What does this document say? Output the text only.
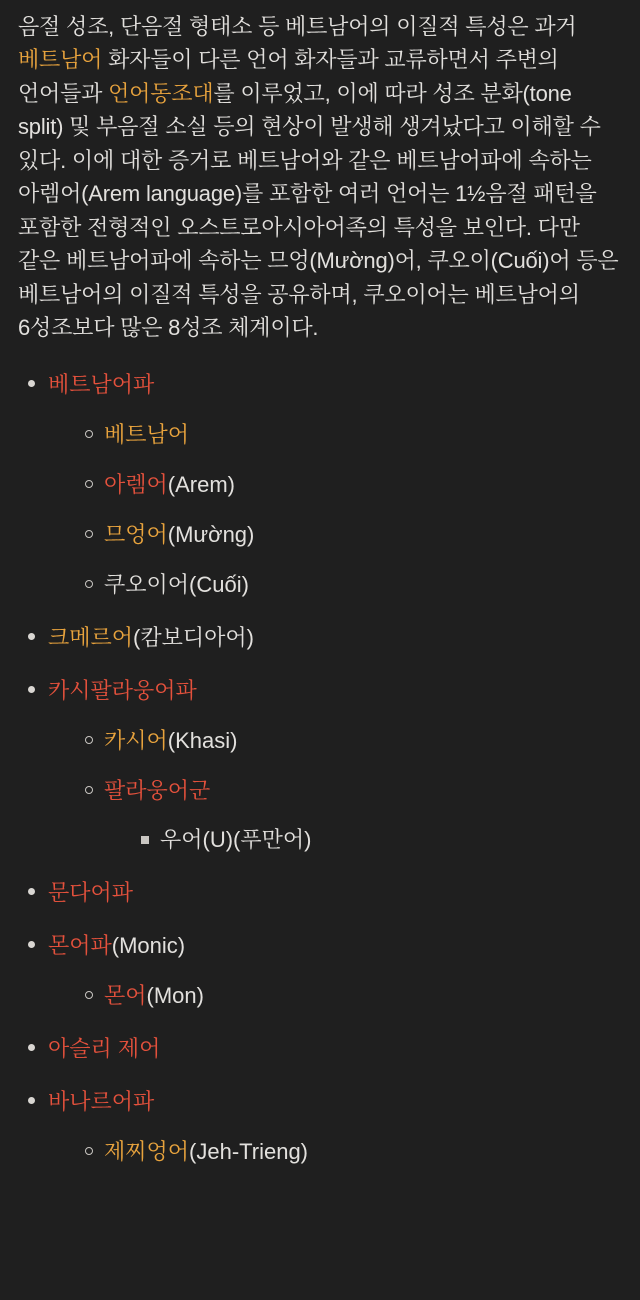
음절 성조, 단음절 형태소 등 베트남어의 이질적 특성은 과거 베트남어 화자들이 다른 언어 화자들과 교류하면서 주변의 언어들과 언어동조대를 이루었고, 이에 따라 성조 분화(tone split) 및 부음절 소실 등의 현상이 발생해 생겨났다고 이해할 수 있다. 이에 대한 증거로 베트남어와 같은 베트남어파에 속하는 아렘어(Arem language)를 포함한 여러 언어는 1½음절 패턴을 포함한 전형적인 오스트로아시아어족의 특성을 보인다. 다만 같은 베트남어파에 속하는 므엉(Mường)어, 쿠오이(Cuối)어 등은 베트남어의 이질적 특성을 공유하며, 쿠오이어는 베트남어의 6성조보다 많은 8성조 체계이다.

베트남어파
베트남어
아렘어(Arem)
므엉어(Mường)
쿠오이어(Cuối)
크메르어(캄보디아어)
카시팔라웅어파
카시어(Khasi)
팔라웅어군
우어(U)(푸만어)
문다어파
몬어파(Monic)
몬어(Mon)
아슬리 제어
바나르어파
제찌엉어(Jeh-Trieng)
